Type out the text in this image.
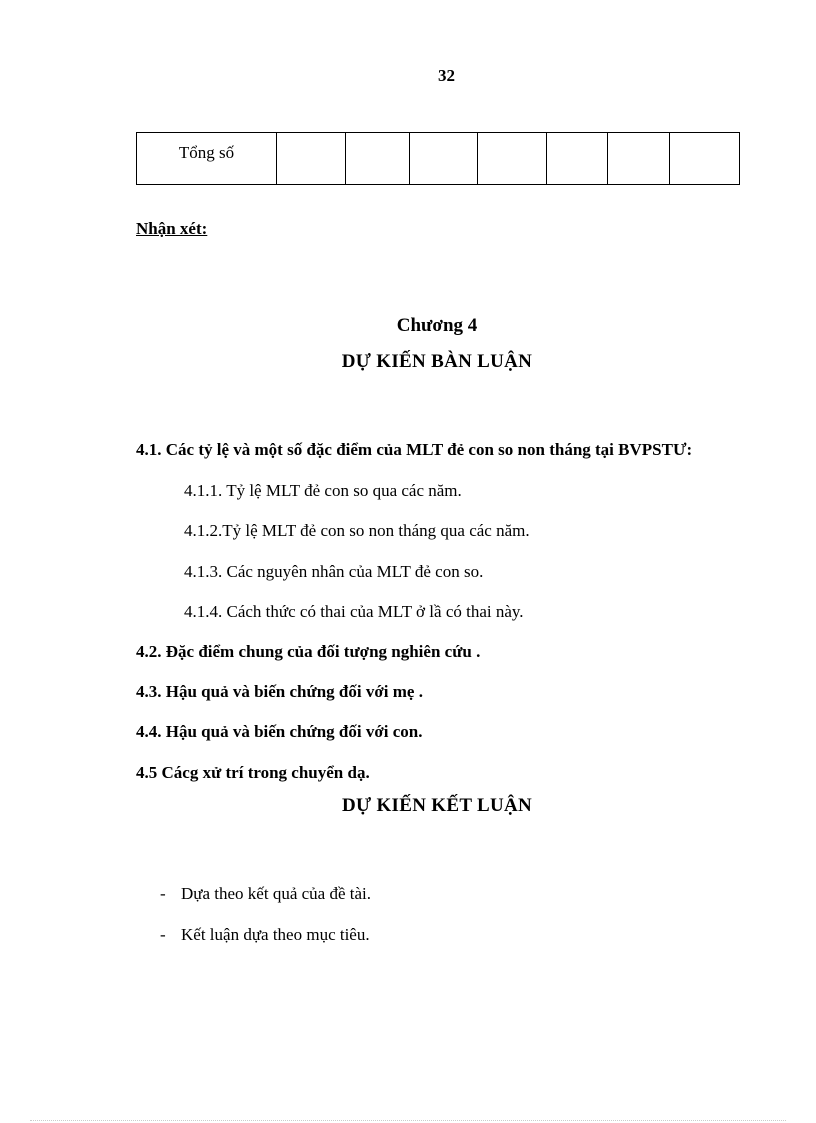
32
Tổng số							
Nhận xét:
Chương 4
DỰ KIẾN BÀN LUẬN
4.1. Các tỷ lệ và một số đặc điểm của MLT đẻ con so non tháng tại BVPSTƯ:
4.1.1. Tỷ lệ MLT đẻ con so qua các năm.
4.1.2.Tỷ lệ MLT đẻ con so non tháng qua các năm.
4.1.3. Các nguyên nhân của MLT đẻ con so.
4.1.4. Cách thức có thai của MLT ở lầ có thai này.
4.2. Đặc điểm chung của đối tượng nghiên cứu .
4.3. Hậu quả và biến chứng đối với mẹ .
4.4. Hậu quả và biến chứng đối với con.
4.5 Cácg xử trí trong chuyển dạ.
DỰ KIẾN KẾT LUẬN
- Dựa theo kết quả của đề tài.
- Kết luận dựa theo mục tiêu.
